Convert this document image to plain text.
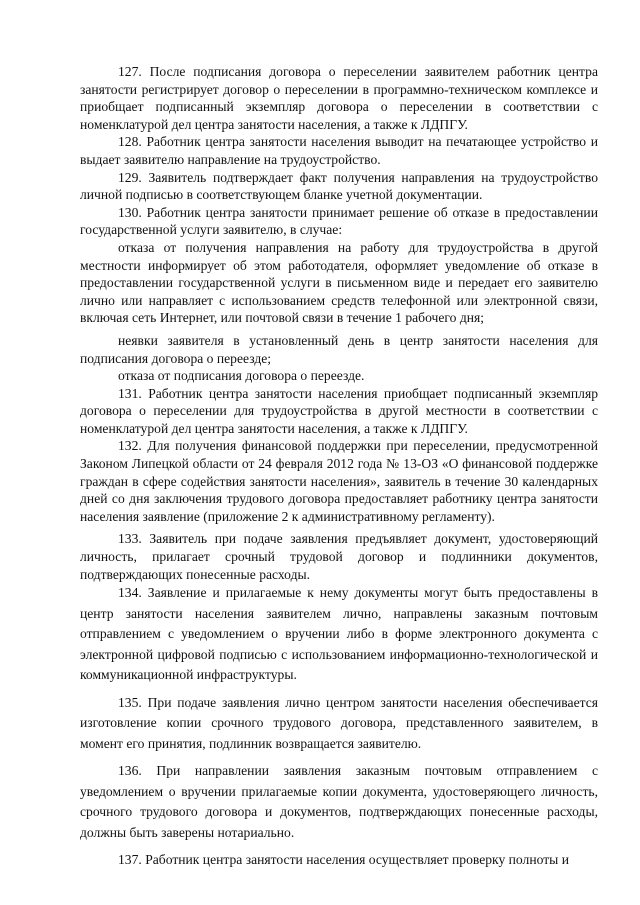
127. После подписания договора о переселении заявителем работник центра занятости регистрирует договор о переселении в программно-техническом комплексе и приобщает подписанный экземпляр договора о переселении в соответствии с номенклатурой дел центра занятости населения, а также к ЛДПГУ.

128. Работник центра занятости населения выводит на печатающее устройство и выдает заявителю направление на трудоустройство.

129. Заявитель подтверждает факт получения направления на трудоустройство личной подписью в соответствующем бланке учетной документации.

130. Работник центра занятости принимает решение об отказе в предоставлении государственной услуги заявителю, в случае:

отказа от получения направления на работу для трудоустройства в другой местности информирует об этом работодателя, оформляет уведомление об отказе в предоставлении государственной услуги в письменном виде и передает его заявителю лично или направляет с использованием средств телефонной или электронной связи, включая сеть Интернет, или почтовой связи в течение 1 рабочего дня;

неявки заявителя в установленный день в центр занятости населения для подписания договора о переезде;

отказа от подписания договора о переезде.

131. Работник центра занятости населения приобщает подписанный экземпляр договора о переселении для трудоустройства в другой местности в соответствии с номенклатурой дел центра занятости населения, а также к ЛДПГУ.

132. Для получения финансовой поддержки при переселении, предусмотренной Законом Липецкой области от 24 февраля 2012 года № 13-ОЗ «О финансовой поддержке граждан в сфере содействия занятости населения», заявитель в течение 30 календарных дней со дня заключения трудового договора предоставляет работнику центра занятости населения заявление (приложение 2 к административному регламенту).

133. Заявитель при подаче заявления предъявляет документ, удостоверяющий личность, прилагает срочный трудовой договор и подлинники документов, подтверждающих понесенные расходы.

134. Заявление и прилагаемые к нему документы могут быть предоставлены в центр занятости населения заявителем лично, направлены заказным почтовым отправлением с уведомлением о вручении либо в форме электронного документа с электронной цифровой подписью с использованием информационно-технологической и коммуникационной инфраструктуры.

135. При подаче заявления лично центром занятости населения обеспечивается изготовление копии срочного трудового договора, представленного заявителем, в момент его принятия, подлинник возвращается заявителю.

136. При направлении заявления заказным почтовым отправлением с уведомлением о вручении прилагаемые копии документа, удостоверяющего личность, срочного трудового договора и документов, подтверждающих понесенные расходы, должны быть заверены нотариально.

137. Работник центра занятости населения осуществляет проверку полноты и
